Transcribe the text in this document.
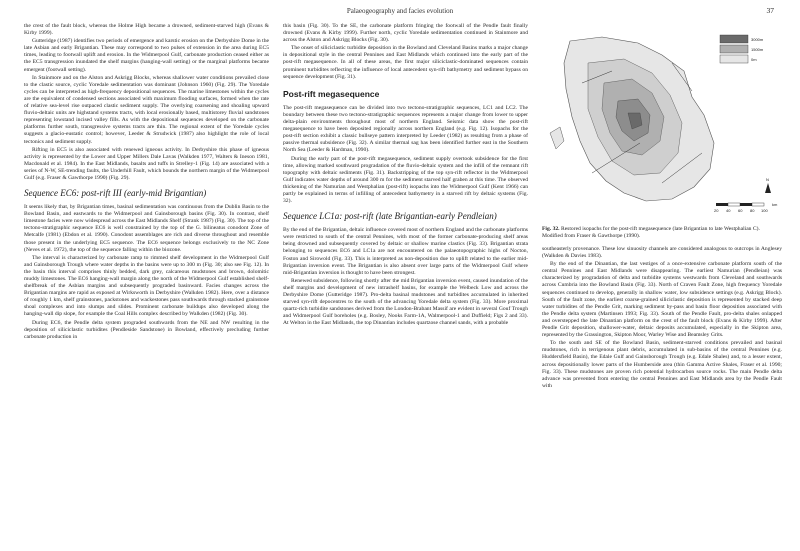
Palaeogeography and facies evolution	37

the crest of the fault block, whereas the Holme High became a drowned, sediment-starved high (Evans & Kirby 1999).

Gutteridge (1987) identifies two periods of emergence and karstic erosion on the Derbyshire Dome in the late Asbian and early Brigantian. These may correspond to two pulses of extension in the area during EC5 times, leading to footwall uplift and erosion. In the Widmerpool Gulf, carbonate production ceased either as the EC5 transgression inundated the shelf margins (hanging-wall setting) or the marginal platforms became emergent (footwall setting).

In Stainmore and on the Alston and Askrigg Blocks, whereas shallower water conditions prevailed close to the clastic source, cyclic Yoredale sedimentation was dominant (Johnson 1960) (Fig. 29). The Yoredale cycles can be interpreted as high-frequency depositional sequences. The marine limestones within the cycles are the equivalent of condensed sections associated with maximum flooding surfaces, formed when the rate of relative sea-level rise outpaced clastic sediment supply. The overlying coarsening and shoaling upward fluvio-deltaic units are highstand systems tracts, with local erosionally based, multistorey fluvial sandstones representing lowstand incised valley fills. As with the depositional sequences developed on the carbonate platforms further south, transgressive systems tracts are thin. The regional extent of the Yoredale cycles suggests a glacio-eustatic control; however, Leeder & Strudwick (1987) also highlight the role of local tectonics and sediment supply.

Rifting in EC5 is also associated with renewed igneous activity. In Derbyshire this phase of igneous activity is represented by the Lower and Upper Millers Dale Lavas (Walkden 1977, Walters & Ineson 1981, Macdonald et al. 1984). In the East Midlands, basalts and tuffs in Strelley-1 (Fig. 14) are associated with a series of N-W, SE-trending faults, the Underhill Fault, which bounds the northern margin of the Widmerpool Gulf (e.g. Fraser & Gawthorpe 1990) (Fig. 29).

Sequence EC6: post-rift III (early-mid Brigantian)

It seems likely that, by Brigantian times, basinal sedimentation was continuous from the Dublin Basin to the Bowland Basin, and eastwards to the Widmerpool and Gainsborough basins (Fig. 30). In contrast, shelf limestone facies were now widespread across the East Midlands Shelf (Strank 1987) (Fig. 30). The top of the tectono-stratigraphic sequence EC6 is well constrained by the top of the G. bilineatus conodont Zone of Metcalfe (1981) (Ebdon et al. 1990). Conodont assemblages are rich and diverse throughout and resemble those present in the underlying EC5 sequence. The EC6 sequence belongs exclusively to the NC Zone (Neves et al. 1972), the top of the sequence falling within the biozone.

The interval is characterized by carbonate ramp to rimmed shelf development in the Widmerpool Gulf and Gainsborough Trough where water depths in the basins were up to 300 m (Fig. 30; also see Fig. 12). In the basin this interval comprises thinly bedded, dark grey, calcareous mudstones and brown, dolomitic muddy limestones. The EC6 hanging-wall margin along the north of the Widmerpool Gulf established shelf-shelfbreak of the Asbian margins and subsequently prograded basinward. Facies changes across the Brigantian margins are rapid as exposed at Wirksworth in Derbyshire (Walkden 1982). Here, over a distance of roughly 1 km, shelf grainstones, packstones and wackestones pass southwards through stacked grainstone shoal complexes and into slumps and slides. Prominent carbonate buildups also developed along the hanging-wall dip slope, for example the Coal Hills complex described by Walkden (1982) (Fig. 30).

During EC6, the Pendle delta system prograded southwards from the NE and NW resulting in the deposition of siliciclastic turbidites (Pendleside Sandstone) in Bowland, effectively precluding further carbonate production in

this basin (Fig. 30). To the SE, the carbonate platform fringing the footwall of the Pendle fault finally drowned (Evans & Kirby 1999). Further north, cyclic Yoredale sedimentation continued in Stainmore and across the Alston and Askrigg Blocks (Fig. 30).

The onset of siliciclastic turbidite deposition in the Bowland and Cleveland Basins marks a major change in depositional style in the central Pennines and East Midlands which continued into the early part of the post-rift megasequence. In all of these areas, the first major siliciclastic-dominated sequences contain prominent turbidites reflecting the influence of local antecedent syn-rift bathymetry and sediment bypass on sequence development (Fig. 31).

Post-rift megasequence

The post-rift megasequence can be divided into two tectono-stratigraphic sequences, LC1 and LC2. The boundary between these two tectono-stratigraphic sequences represents a major change from lower to upper delta-plain environments throughout most of northern England. Seismic data show the post-rift megasequence to have been deposited regionally across northern England (e.g. Fig. 12). Isopachs for the post-rift section exhibit a classic bullseye pattern interpreted by Leeder (1982) as resulting from a phase of passive thermal subsidence (Fig. 32). A similar thermal sag has been identified further east in the Southern North Sea (Leeder & Hardman, 1990).

During the early part of the post-rift megasequence, sediment supply overtook subsidence for the first time, allowing marked southward progradation of the fluvio-deltaic system and the infill of the remnant rift topography with deltaic sediments (Fig. 31). Backstripping of the top syn-rift reflector in the Widmerpool Gulf indicates water depths of around 300 m for the sediment starved half graben at this time. The observed thickening of the Namurian and Westphalian (post-rift) isopachs into the Widmerpool Gulf (Kent 1966) can partly be explained in terms of infilling of antecedent bathymetry in a starved rift by deltaic systems (Fig. 32).

Sequence LC1a: post-rift (late Brigantian-early Pendleian)

By the end of the Brigantian, deltaic influence covered most of northern England and the carbonate platforms were restricted to south of the central Pennines, with most of the former carbonate-producing shelf areas being drowned and subsequently covered by deltaic or shallow marine clastics (Fig. 33). Brigantian strata belonging to sequences EC6 and LC1a are not encountered on the palaeotopographic highs of Nocton, Foston and Sirowold (Fig. 33). This is interpreted as non-deposition due to uplift related to the earlier mid-Brigantian inversion event. The Brigantian is also absent over large parts of the Widmerpool Gulf where mid-Brigantian inversion is thought to have been strongest.

Renewed subsidence, following shortly after the mid Brigantian inversion event, caused inundation of the shelf margins and development of new intrashelf basins, for example the Welbeck Low and across the Derbyshire Dome (Gutteridge 1987). Pro-delta basinal mudstones and turbidites accumulated in inherited starved syn-rift depocentres to the south of the advancing Yoredale delta system (Fig. 33). More proximal quartz-rich turbidite sandstones derived from the London-Brabant Massif are evident in several Gouf Trough and Widmerpool Gulf boreholes (e.g. Bosley, Nooks Farm-1A, Walmerpool-1 and Duffield; Figs 2 and 33). At Welton in the East Midlands, the top Dinantian includes quartzose channel sands, with a probable

3000m
1500m
0m
N
20 40 60 80 100
km
Fig. 32. Restored isopachs for the post-rift megasequence (late Brigantian to late Westphalian C). Modified from Fraser & Gawthorpe (1990).

southeasterly provenance. These low sinuosity channels are considered analogous to outcrops in Anglesey (Walkden & Davies 1983).

By the end of the Dinantian, the last vestiges of a once-extensive carbonate platform south of the central Pennines and East Midlands were disappearing. The earliest Namurian (Pendleian) was characterized by progradation of delta and turbidite systems westwards from Cleveland and southwards across Cumbria into the Bowland Basin (Fig. 33). North of Craven Fault Zone, high frequency Yoredale sequences continued to develop, generally in shallow water, low subsidence settings (e.g. Askrigg Block). South of the fault zone, the earliest coarse-grained siliciclastic deposition is represented by stacked deep water turbidites of the Pendle Grit, marking sediment by-pass and basin floor deposition associated with the Pendle delta system (Martinsen 1993; Fig. 33). South of the Pendle Fault, pro-delta shales onlapped and overstepped the late Dinantian platform on the crest of the fault block (Evans & Kirby 1999). After Pendle Grit deposition, shallower-water, deltaic deposits accumulated, especially in the Skipton area, represented by the Grassington, Skipton Moor, Warley Wise and Beamsley Grits.

To the south and SE of the Bowland Basin, sediment-starved conditions prevailed and basinal mudstones, rich in terrigenous plant debris, accumulated in sub-basins of the central Pennines (e.g. Huddersfield Basin), the Edale Gulf and Gainsborough Trough (e.g. Edale Shales) and, to a lesser extent, across depositionally lower parts of the Humberside area (thin Gamma Active Shales, Fraser et al. 1990; Fig. 33). These mudstones are proven rich potential hydrocarbon source rocks. The main Pendle delta advance was prevented from entering the central Pennines and East Midlands area by the Pendle Fault with
